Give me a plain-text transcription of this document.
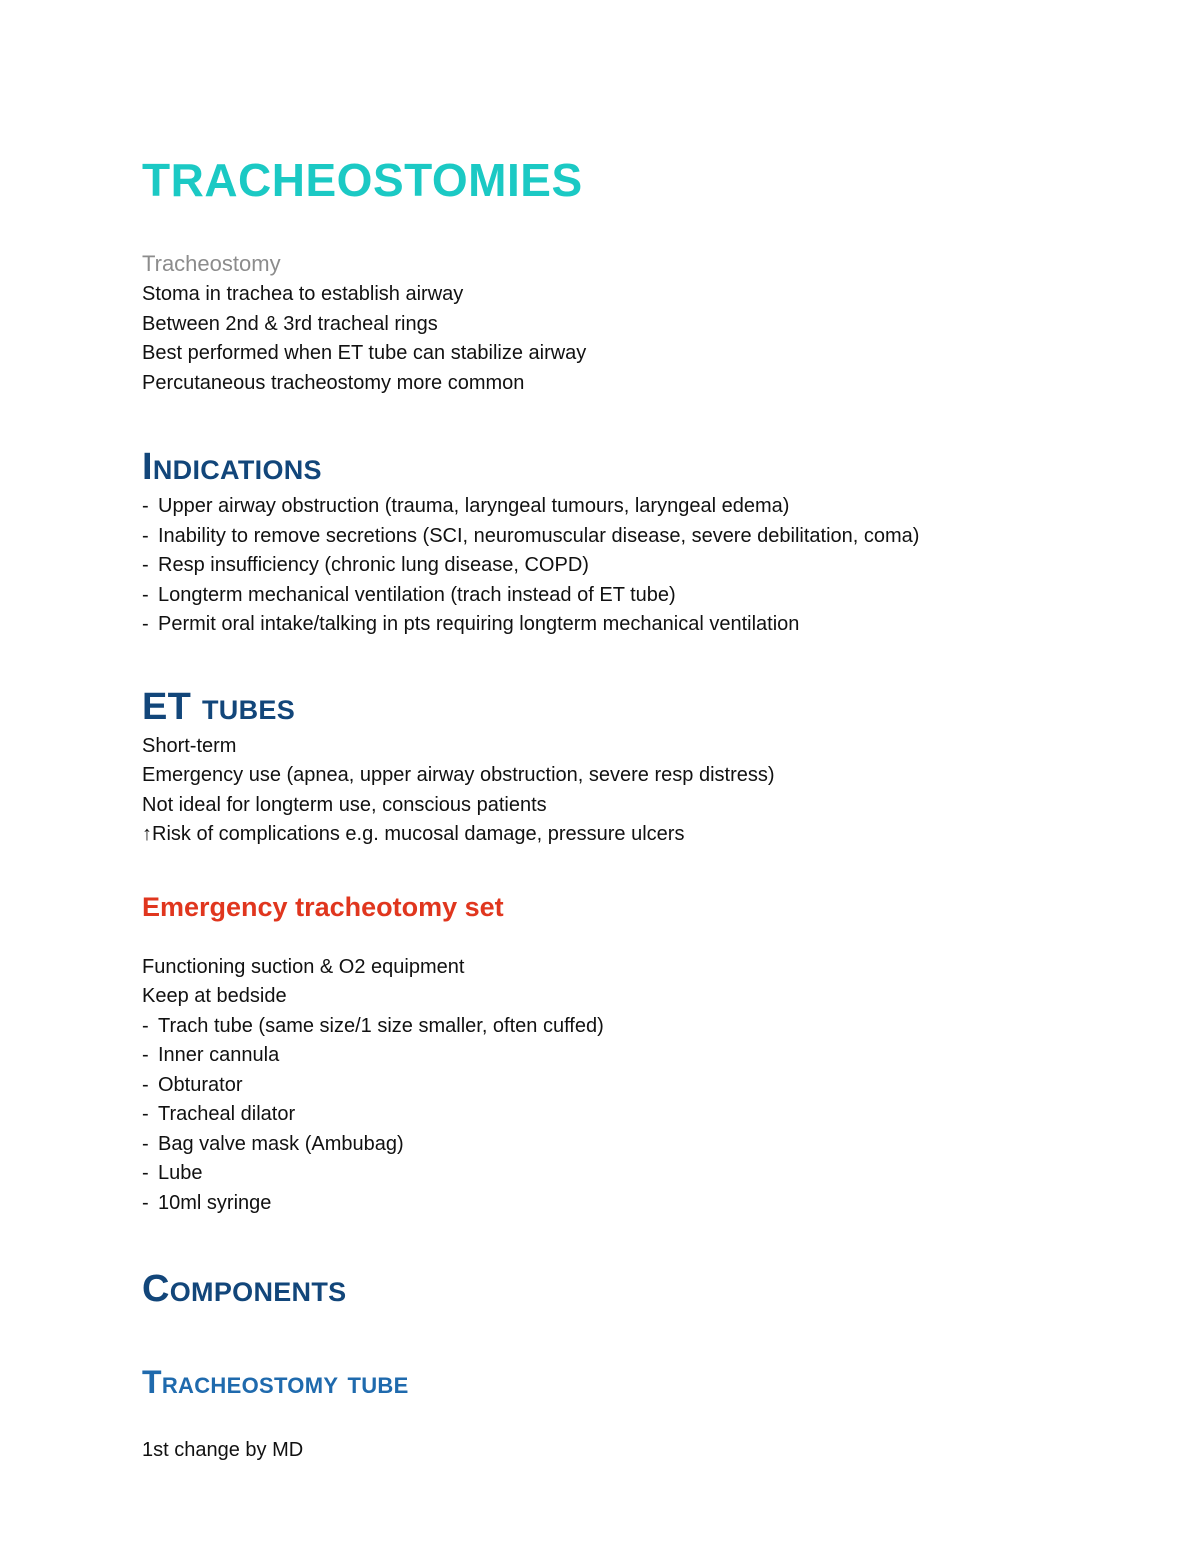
TRACHEOSTOMIES
Tracheostomy
Stoma in trachea to establish airway
Between 2nd & 3rd tracheal rings
Best performed when ET tube can stabilize airway
Percutaneous tracheostomy more common
Indications
- Upper airway obstruction (trauma, laryngeal tumours, laryngeal edema)
- Inability to remove secretions (SCI, neuromuscular disease, severe debilitation, coma)
- Resp insufficiency (chronic lung disease, COPD)
- Longterm mechanical ventilation (trach instead of ET tube)
- Permit oral intake/talking in pts requiring longterm mechanical ventilation
ET tubes
Short-term
Emergency use (apnea, upper airway obstruction, severe resp distress)
Not ideal for longterm use, conscious patients
↑Risk of complications e.g. mucosal damage, pressure ulcers
Emergency tracheotomy set
Functioning suction & O2 equipment
Keep at bedside
- Trach tube (same size/1 size smaller, often cuffed)
- Inner cannula
- Obturator
- Tracheal dilator
- Bag valve mask (Ambubag)
- Lube
- 10ml syringe
Components
Tracheostomy tube
1st change by MD
